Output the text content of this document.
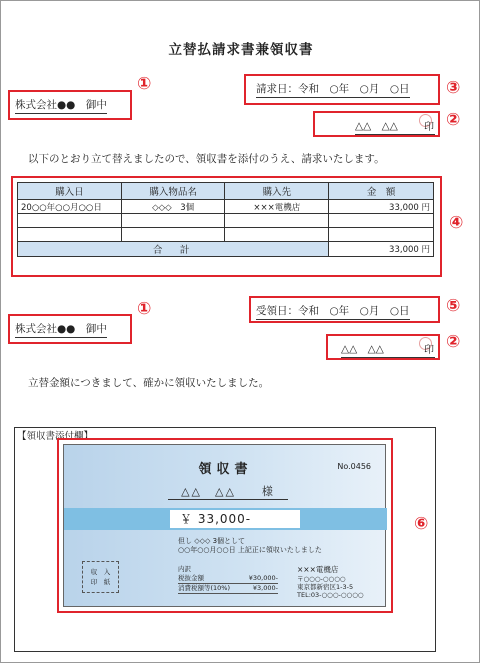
立替払請求書兼領収書
株式会社●●　御中
①	請求日：令和　○年　○月　○日 ③
△△　△△	印 ②
以下のとおり立て替えましたので、領収書を添付のうえ、請求いたします。
購入日	購入物品名	購入先	金　額
20○○年○○月○○日	◇◇◇　3個	×××電機店	33,000 円

合　計			33,000 円
④
株式会社●●　御中
①	受領日：令和　○年　○月　○日 ⑤
△△　△△	印 ②
立替金額につきまして、確かに領収いたしました。
【領収書添付欄】
⑥
領収書	No.0456
△△　△△　　様
￥ 33,000-
但し ◇◇◇ 3個として
○○年○○月○○日 上記正に領収いたしました
収　入
印　紙
内訳
税抜金額	¥30,000-
消費税額等(10%)	¥3,000-
×××電機店
〒○○○-○○○○
東京都新宿区1-3-5
TEL:03-○○○-○○○○
